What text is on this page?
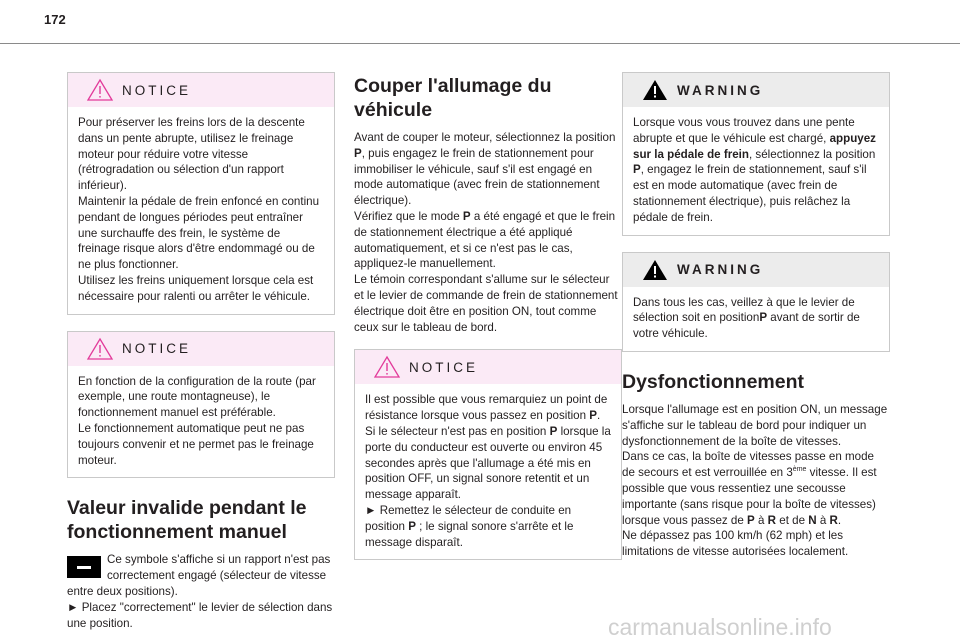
172
NOTICE

Pour préserver les freins lors de la descente dans un pente abrupte, utilisez le freinage moteur pour réduire votre vitesse (rétrogradation ou sélection d'un rapport inférieur).

Maintenir la pédale de frein enfoncé en continu pendant de longues périodes peut entraîner une surchauffe des frein, le système de freinage risque alors d'être endommagé ou de ne plus fonctionner.

Utilisez les freins uniquement lorsque cela est nécessaire pour ralenti ou arrêter le véhicule.

NOTICE

En fonction de la configuration de la route (par exemple, une route montagneuse), le fonctionnement manuel est préférable.

Le fonctionnement automatique peut ne pas toujours convenir et ne permet pas le freinage moteur.

Valeur invalide pendant le fonctionnement manuel

Ce symbole s'affiche si un rapport n'est pas correctement engagé (sélecteur de vitesse entre deux positions).

► Placez "correctement" le levier de sélection dans une position.

Couper l'allumage du véhicule

Avant de couper le moteur, sélectionnez la position P, puis engagez le frein de stationnement pour immobiliser le véhicule, sauf s'il est engagé en mode automatique (avec frein de stationnement électrique).

Vérifiez que le mode P a été engagé et que le frein de stationnement électrique a été appliqué automatiquement, et si ce n'est pas le cas, appliquez-le manuellement.

Le témoin correspondant s'allume sur le sélecteur et le levier de commande de frein de stationnement électrique doit être en position ON, tout comme ceux sur le tableau de bord.

NOTICE

Il est possible que vous remarquiez un point de résistance lorsque vous passez en position P.

Si le sélecteur n'est pas en position P lorsque la porte du conducteur est ouverte ou environ 45 secondes après que l'allumage a été mis en position OFF, un signal sonore retentit et un message apparaît.

► Remettez le sélecteur de conduite en position P ; le signal sonore s'arrête et le message disparaît.

WARNING

Lorsque vous vous trouvez dans une pente abrupte et que le véhicule est chargé, appuyez sur la pédale de frein, sélectionnez la position P, engagez le frein de stationnement, sauf s'il est en mode automatique (avec frein de stationnement électrique), puis relâchez la pédale de frein.

WARNING

Dans tous les cas, veillez à que le levier de sélection soit en positionP avant de sortir de votre véhicule.

Dysfonctionnement

Lorsque l'allumage est en position ON, un message s'affiche sur le tableau de bord pour indiquer un dysfonctionnement de la boîte de vitesses.

Dans ce cas, la boîte de vitesses passe en mode de secours et est verrouillée en 3ème vitesse. Il est possible que vous ressentiez une secousse importante (sans risque pour la boîte de vitesses) lorsque vous passez de P à R et de N à R.

Ne dépassez pas 100 km/h (62 mph) et les limitations de vitesse autorisées localement.

carmanualsonline.info
